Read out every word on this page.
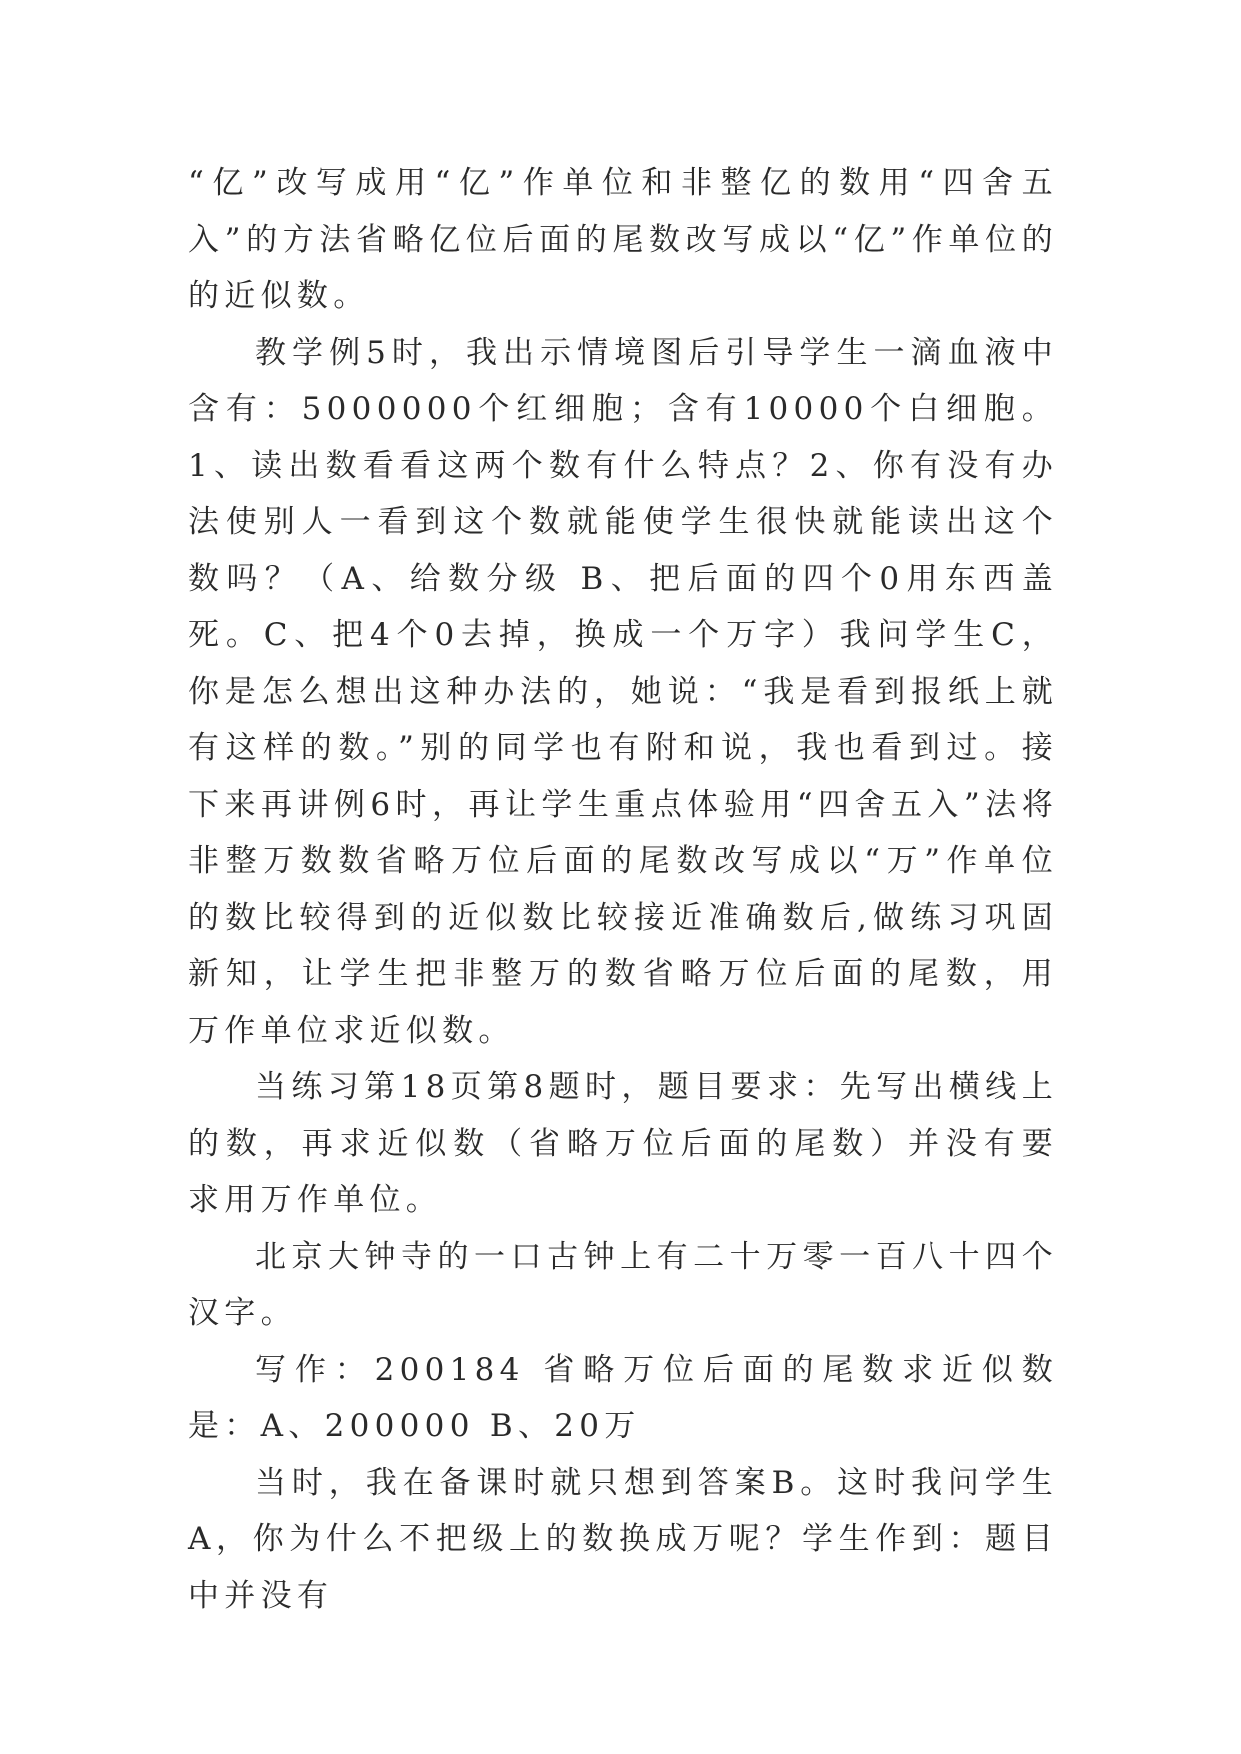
“亿”改写成用“亿”作单位和非整亿的数用“四舍五入”的方法省略亿位后面的尾数改写成以“亿”作单位的的近似数。

教学例5时，我出示情境图后引导学生一滴血液中含有：5000000个红细胞；含有10000个白细胞。 1、读出数看看这两个数有什么特点？2、你有没有办法使别人一看到这个数就能使学生很快就能读出这个数吗？（A、给数分级 B、把后面的四个0用东西盖死。C、把4个0去掉，换成一个万字）我问学生C，你是怎么想出这种办法的，她说：“我是看到报纸上就有这样的数。”别的同学也有附和说，我也看到过。接下来再讲例6时，再让学生重点体验用“四舍五入”法将非整万数数省略万位后面的尾数改写成以“万”作单位的数比较得到的近似数比较接近准确数后,做练习巩固新知，让学生把非整万的数省略万位后面的尾数，用万作单位求近似数。

当练习第18页第8题时，题目要求：先写出横线上的数，再求近似数（省略万位后面的尾数）并没有要求用万作单位。

北京大钟寺的一口古钟上有二十万零一百八十四个汉字。

写作：200184 省略万位后面的尾数求近似数是：A、200000 B、20万

当时，我在备课时就只想到答案B。这时我问学生A，你为什么不把级上的数换成万呢？学生作到：题目中并没有
